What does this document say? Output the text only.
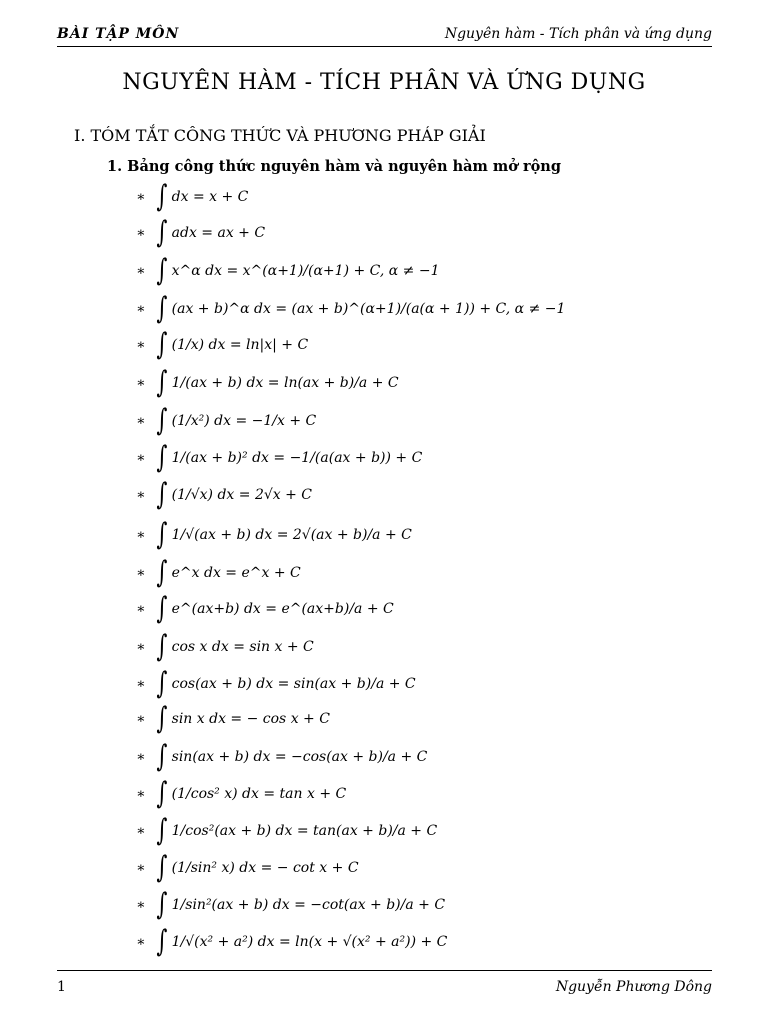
BÀI TẬP MÔN	Nguyên hàm - Tích phân và ứng dụng
NGUYÊN HÀM - TÍCH PHÂN VÀ ỨNG DỤNG
I. TÓM TẮT CÔNG THỨC VÀ PHƯƠNG PHÁP GIẢI
1. Bảng công thức nguyên hàm và nguyên hàm mở rộng
∗ ∫ dx = x + C
∗ ∫ adx = ax + C
∗ ∫ x^α dx = x^(α+1)/(α+1) + C, α ≠ −1
∗ ∫ (ax + b)^α dx = (ax + b)^(α+1)/(a(α + 1)) + C, α ≠ −1
∗ ∫ (1/x) dx = ln|x| + C
∗ ∫ 1/(ax + b) dx = ln(ax + b)/a + C
∗ ∫ (1/x²) dx = −1/x + C
∗ ∫ 1/(ax + b)² dx = −1/(a(ax + b)) + C
∗ ∫ (1/√x) dx = 2√x + C
∗ ∫ 1/√(ax + b) dx = 2√(ax + b)/a + C
∗ ∫ e^x dx = e^x + C
∗ ∫ e^(ax+b) dx = e^(ax+b)/a + C
∗ ∫ cos x dx = sin x + C
∗ ∫ cos(ax + b) dx = sin(ax + b)/a + C
∗ ∫ sin x dx = − cos x + C
∗ ∫ sin(ax + b) dx = −cos(ax + b)/a + C
∗ ∫ (1/cos² x) dx = tan x + C
∗ ∫ 1/cos²(ax + b) dx = tan(ax + b)/a + C
∗ ∫ (1/sin² x) dx = − cot x + C
∗ ∫ 1/sin²(ax + b) dx = −cot(ax + b)/a + C
∗ ∫ 1/√(x² + a²) dx = ln(x + √(x² + a²)) + C
1	Nguyễn Phương Dông
